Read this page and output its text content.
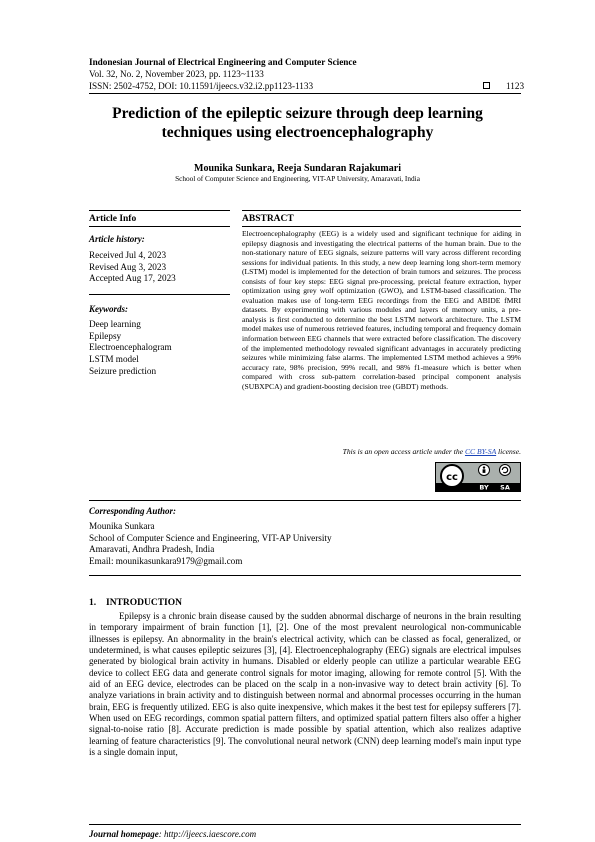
Indonesian Journal of Electrical Engineering and Computer Science
Vol. 32, No. 2, November 2023, pp. 1123~1133
ISSN: 2502-4752, DOI: 10.11591/ijeecs.v32.i2.pp1123-1133	1123
Prediction of the epileptic seizure through deep learning
techniques using electroencephalography
Mounika Sunkara, Reeja Sundaran Rajakumari
School of Computer Science and Engineering, VIT-AP University, Amaravati, India
Article Info	ABSTRACT
Article history:
Received Jul 4, 2023
Revised Aug 3, 2023
Accepted Aug 17, 2023
Keywords:
Deep learning
Epilepsy
Electroencephalogram
LSTM model
Seizure prediction
Electroencephalography (EEG) is a widely used and significant technique for aiding in epilepsy diagnosis and investigating the electrical patterns of the human brain. Due to the non-stationary nature of EEG signals, seizure patterns will vary across different recording sessions for individual patients. In this study, a new deep learning long short-term memory (LSTM) model is implemented for the detection of brain tumors and seizures. The process consists of four key steps: EEG signal pre-processing, preictal feature extraction, hyper optimization using grey wolf optimization (GWO), and LSTM-based classification. The evaluation makes use of long-term EEG recordings from the EEG and ABIDE fMRI datasets. By experimenting with various modules and layers of memory units, a pre-analysis is first conducted to determine the best LSTM network architecture. The LSTM model makes use of numerous retrieved features, including temporal and frequency domain information between EEG channels that were extracted before classification. The discovery of the implemented methodology revealed significant advantages in accurately predicting seizures while minimizing false alarms. The implemented LSTM method achieves a 99% accuracy rate, 98% precision, 99% recall, and 98% f1-measure which is better when compared with cross sub-pattern correlation-based principal component analysis (SUBXPCA) and gradient-boosting decision tree (GBDT) methods.
This is an open access article under the CC BY-SA license.
cc
BY SA
Corresponding Author:
Mounika Sunkara
School of Computer Science and Engineering, VIT-AP University
Amaravati, Andhra Pradesh, India
Email: mounikasunkara9179@gmail.com
1. INTRODUCTION

Epilepsy is a chronic brain disease caused by the sudden abnormal discharge of neurons in the brain resulting in temporary impairment of brain function [1], [2]. One of the most prevalent neurological non-communicable illnesses is epilepsy. An abnormality in the brain's electrical activity, which can be classed as focal, generalized, or undetermined, is what causes epileptic seizures [3], [4]. Electroencephalography (EEG) signals are electrical impulses generated by biological brain activity in humans. Disabled or elderly people can utilize a particular wearable EEG device to collect EEG data and generate control signals for motor imaging, allowing for remote control [5]. With the aid of an EEG device, electrodes can be placed on the scalp in a non-invasive way to detect brain activity [6]. To analyze variations in brain activity and to distinguish between normal and abnormal processes occurring in the human brain, EEG is frequently utilized. EEG is also quite inexpensive, which makes it the best test for epilepsy sufferers [7]. When used on EEG recordings, common spatial pattern filters, and optimized spatial pattern filters also offer a higher signal-to-noise ratio [8]. Accurate prediction is made possible by spatial attention, which also realizes adaptive learning of feature characteristics [9]. The convolutional neural network (CNN) deep learning model's main input type is a single domain input,

Journal homepage: http://ijeecs.iaescore.com
